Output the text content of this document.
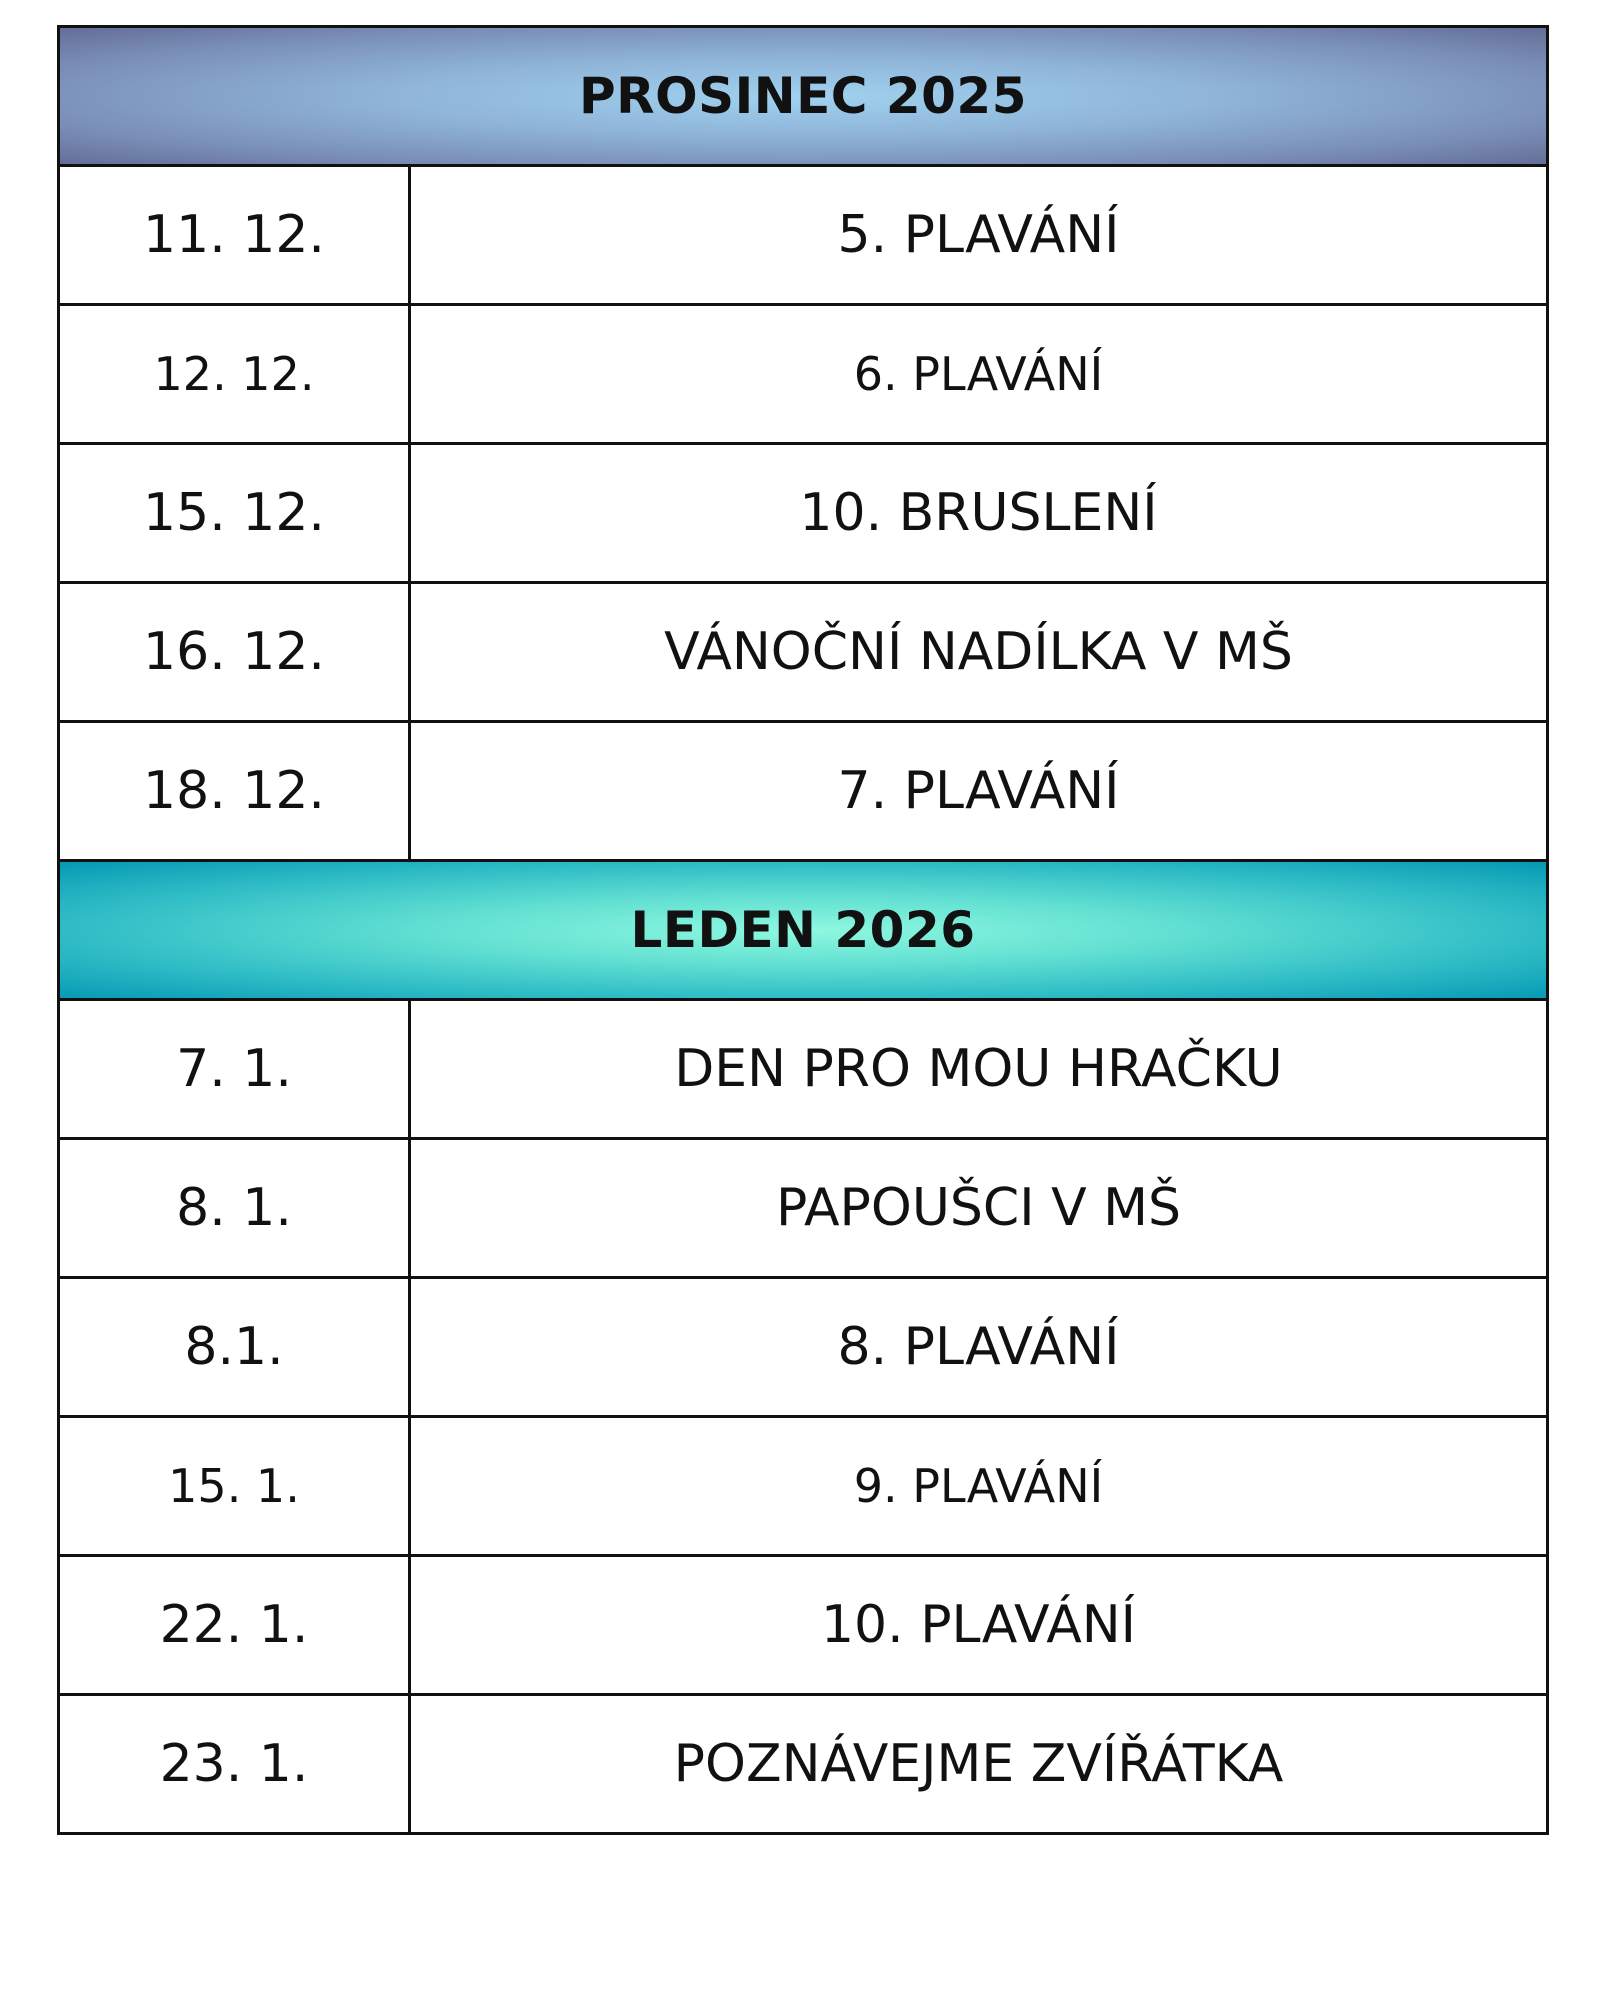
PROSINEC 2025	
11. 12.	5. PLAVÁNÍ
12. 12.	6. PLAVÁNÍ
15. 12.	10. BRUSLENÍ
16. 12.	VÁNOČNÍ NADÍLKA V MŠ
18. 12.	7. PLAVÁNÍ
LEDEN 2026	
7. 1.	DEN PRO MOU HRAČKU
8. 1.	PAPOUŠCI V MŠ
8.1.	8. PLAVÁNÍ
15. 1.	9. PLAVÁNÍ
22. 1.	10. PLAVÁNÍ
23. 1.	POZNÁVEJME ZVÍŘÁTKA
